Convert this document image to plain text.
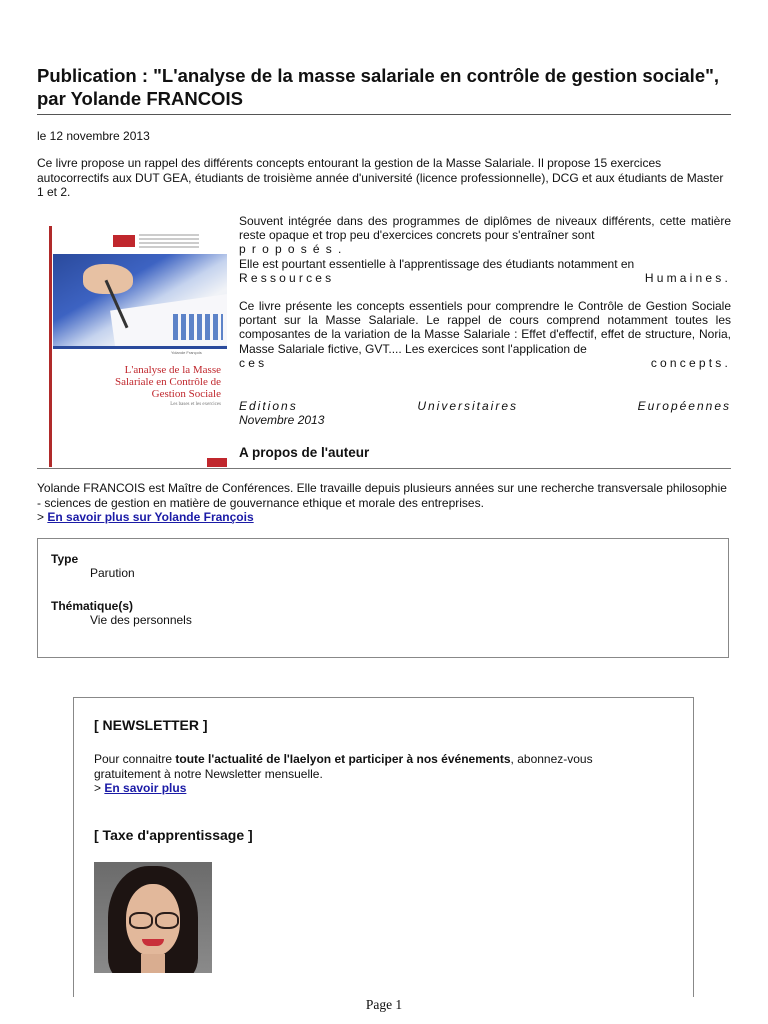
Publication : "L'analyse de la masse salariale en contrôle de gestion sociale", par Yolande FRANCOIS
le 12 novembre 2013
Ce livre propose un rappel des différents concepts entourant la gestion de la Masse Salariale. Il propose 15 exercices autocorrectifs aux DUT GEA, étudiants de troisième année d'université (licence professionnelle), DCG et aux étudiants de Master 1 et 2.
Yolande François
L'analyse de la Masse
Salariale en Contrôle de
Gestion Sociale
Les bases et les exercices

Souvent intégrée dans des programmes de diplômes de niveaux différents, cette matière reste opaque et trop peu d'exercices concrets pour s'entraîner sont

proposés.

Elle est pourtant essentielle à l'apprentissage des étudiants notamment en

Ressources	Humaines.

Ce livre présente les concepts essentiels pour comprendre le Contrôle de Gestion Sociale portant sur la Masse Salariale. Le rappel de cours comprend notamment toutes les composantes de la variation de la Masse Salariale : Effet d'effectif, effet de structure, Noria, Masse Salariale fictive, GVT.... Les exercices sont l'application de

ces	concepts.
Editions	Universitaires	Européennes
Novembre 2013
A propos de l'auteur
Yolande FRANCOIS est Maître de Conférences. Elle travaille depuis plusieurs années sur une recherche transversale philosophie - sciences de gestion en matière de gouvernance ethique et morale des entreprises.
> En savoir plus sur Yolande François
Type
Parution
Thématique(s)
Vie des personnels
[ NEWSLETTER ]
Pour connaitre toute l'actualité de l'Iaelyon et participer à nos événements, abonnez-vous gratuitement à notre Newsletter mensuelle.
> En savoir plus
[ Taxe d'apprentissage ]
Page 1
